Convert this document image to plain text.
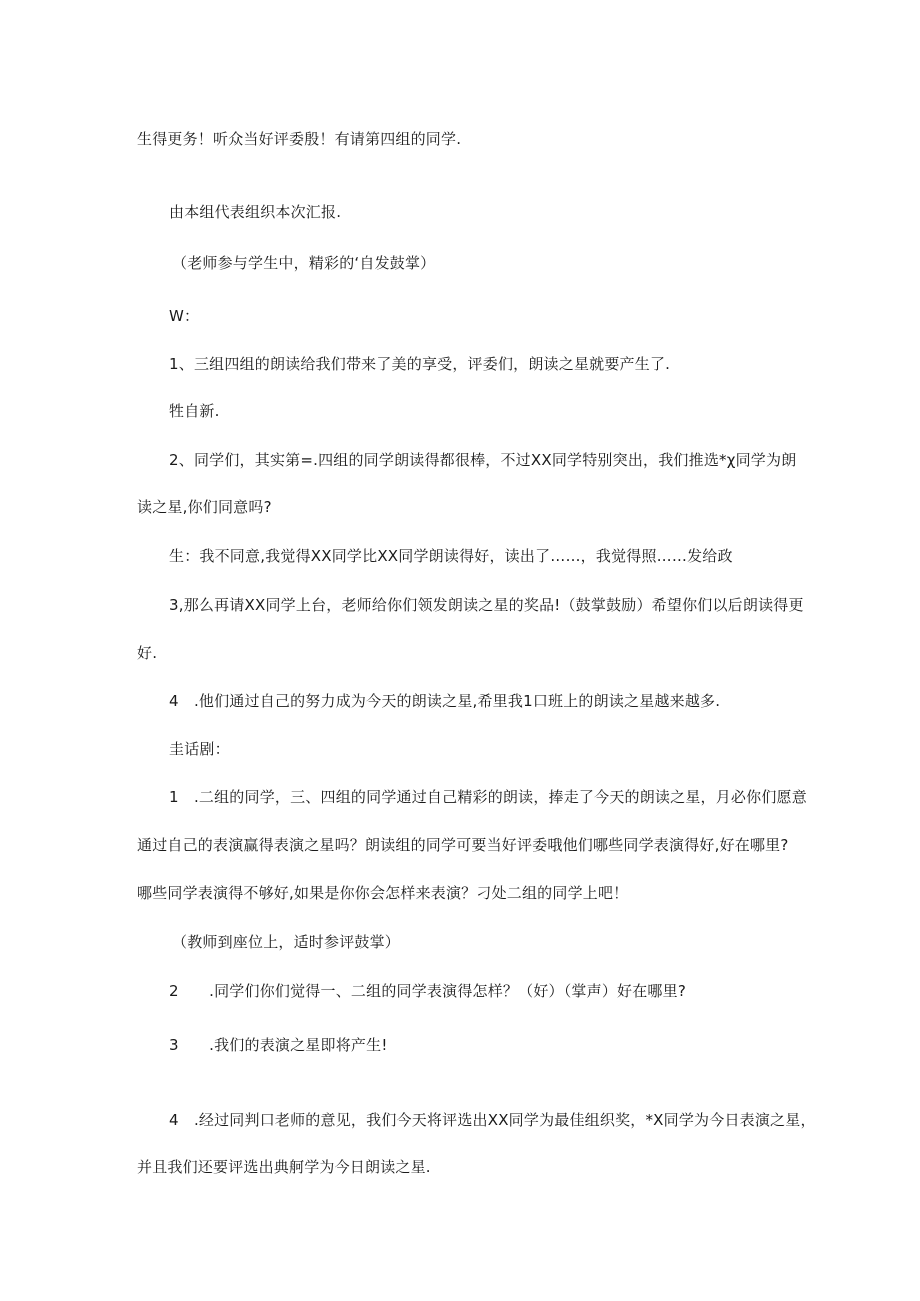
生得更务！听众当好评委殷！有请第四组的同学.
由本组代表组织本次汇报.
（老师参与学生中，精彩的‘自发鼓掌）
W：
1、三组四组的朗读给我们带来了美的享受，评委们，朗读之星就要产生了.
牲自新.
2、同学们，其实第=.四组的同学朗读得都很棒，不过XX同学特别突出，我们推选*χ同学为朗
读之星,你们同意吗?
生：我不同意,我觉得XX同学比XX同学朗读得好，读出了……，我觉得照……发给政
3,那么再请XX同学上台，老师给你们领发朗读之星的奖品!（鼓掌鼓励）希望你们以后朗读得更
好.
4　.他们通过自己的努力成为今天的朗读之星,希里我1口班上的朗读之星越来越多.
圭话剧：
1　.二组的同学，三、四组的同学通过自己精彩的朗读，捧走了今天的朗读之星，月必你们愿意
通过自己的表演赢得表演之星吗？朗读组的同学可要当好评委哦他们哪些同学表演得好,好在哪里?
哪些同学表演得不够好,如果是你你会怎样来表演？刁处二组的同学上吧！
（教师到座位上，适时参评鼓掌）
2　　.同学们你们觉得一、二组的同学表演得怎样？（好）（掌声）好在哪里?
3　　.我们的表演之星即将产生!
4　.经过同判口老师的意见，我们今天将评选出XX同学为最佳组织奖，*X同学为今日表演之星，
并且我们还要评选出典舸学为今日朗读之星.
